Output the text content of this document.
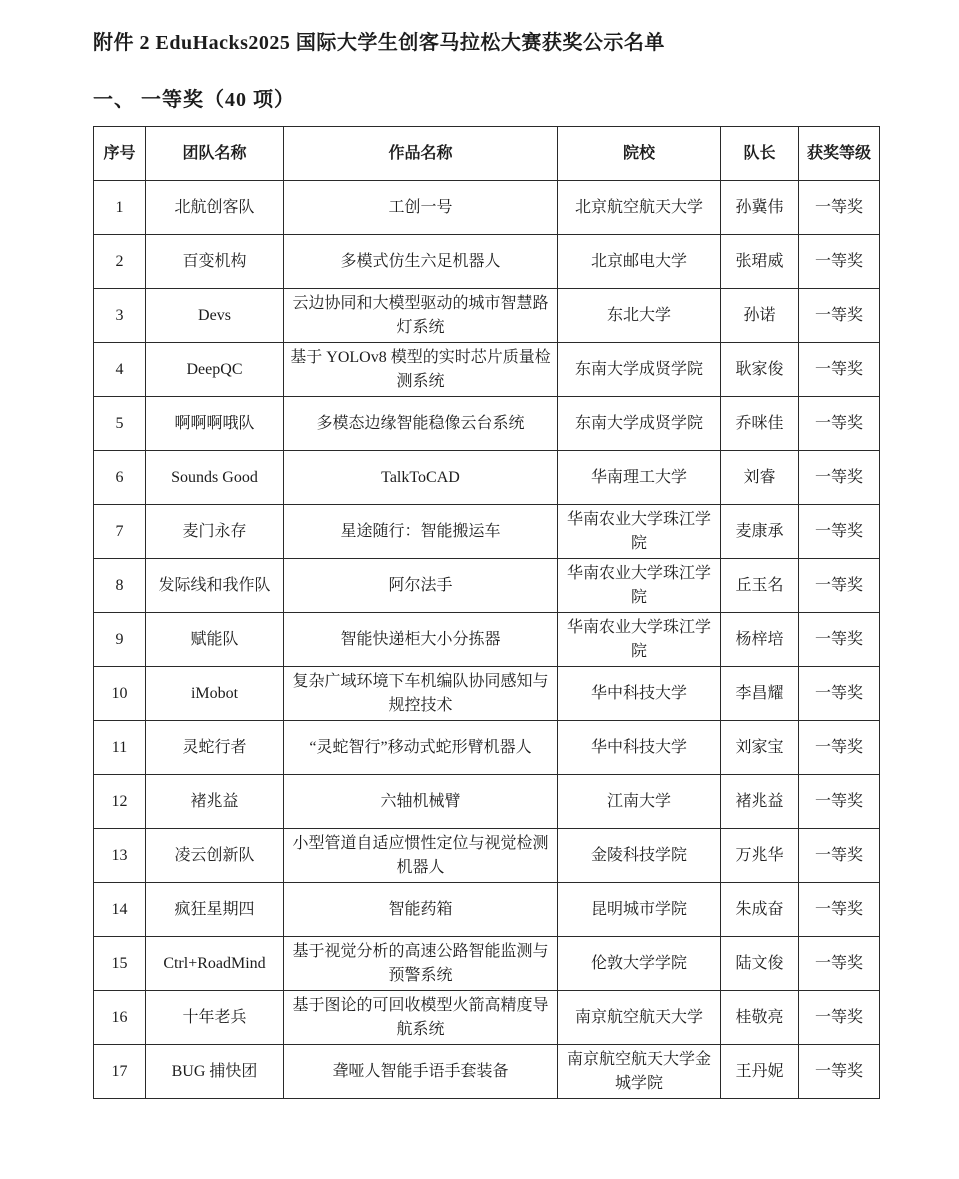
附件 2 EduHacks2025 国际大学生创客马拉松大赛获奖公示名单
一、 一等奖（40 项）
序号	团队名称	作品名称	院校	队长	获奖等级
1	北航创客队	工创一号	北京航空航天大学	孙冀伟	一等奖
2	百变机构	多模式仿生六足机器人	北京邮电大学	张珺威	一等奖
3	Devs	云边协同和大模型驱动的城市智慧路灯系统	东北大学	孙诺	一等奖
4	DeepQC	基于 YOLOv8 模型的实时芯片质量检测系统	东南大学成贤学院	耿家俊	一等奖
5	啊啊啊哦队	多模态边缘智能稳像云台系统	东南大学成贤学院	乔咪佳	一等奖
6	Sounds Good	TalkToCAD	华南理工大学	刘睿	一等奖
7	麦门永存	星途随行：智能搬运车	华南农业大学珠江学院	麦康承	一等奖
8	发际线和我作队	阿尔法手	华南农业大学珠江学院	丘玉名	一等奖
9	赋能队	智能快递柜大小分拣器	华南农业大学珠江学院	杨梓培	一等奖
10	iMobot	复杂广域环境下车机编队协同感知与规控技术	华中科技大学	李昌耀	一等奖
11	灵蛇行者	“灵蛇智行”移动式蛇形臂机器人	华中科技大学	刘家宝	一等奖
12	褚兆益	六轴机械臂	江南大学	褚兆益	一等奖
13	凌云创新队	小型管道自适应惯性定位与视觉检测机器人	金陵科技学院	万兆华	一等奖
14	疯狂星期四	智能药箱	昆明城市学院	朱成奋	一等奖
15	Ctrl+RoadMind	基于视觉分析的高速公路智能监测与预警系统	伦敦大学学院	陆文俊	一等奖
16	十年老兵	基于图论的可回收模型火箭高精度导航系统	南京航空航天大学	桂敬亮	一等奖
17	BUG 捕快团	聋哑人智能手语手套装备	南京航空航天大学金城学院	王丹妮	一等奖
